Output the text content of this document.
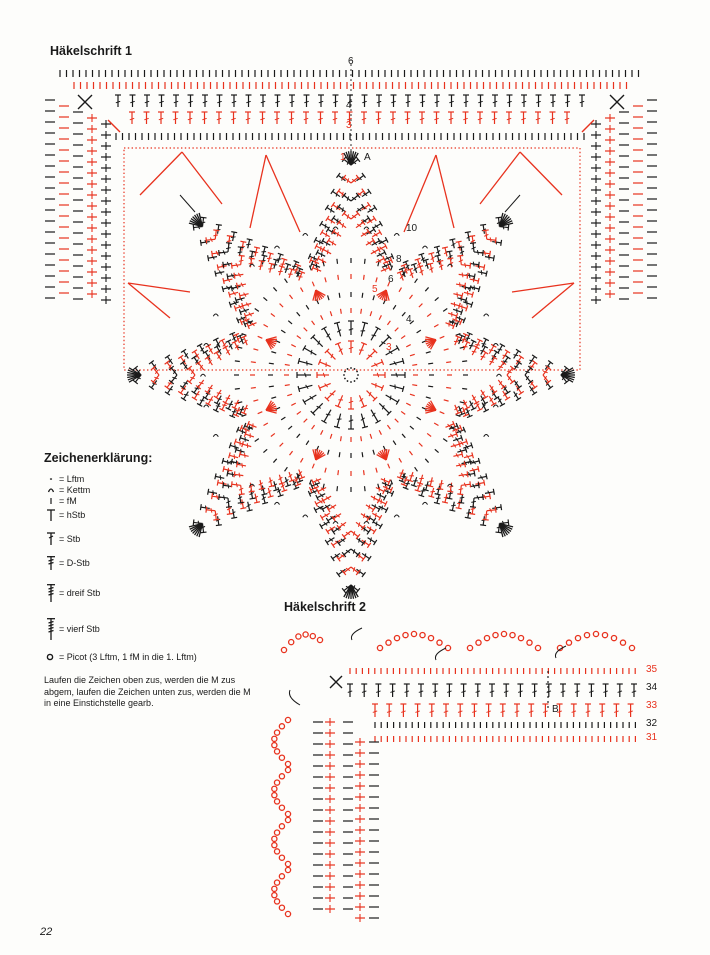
Häkelschrift 1
Häkelschrift 2
6
4
3
1 A
10
8
6
5
4
3
35
34
33
32
31
B
Zeichenerklärung:
= Lftm
= Kettm
= fM
= hStb
= Stb
= D-Stb
= dreif Stb
= vierf Stb
= Picot (3 Lftm, 1 fM in die 1. Lftm)
Laufen die Zeichen oben zus, werden die M zus abgem, laufen die Zeichen unten zus, werden die M in eine Einstichstelle gearb.
22
